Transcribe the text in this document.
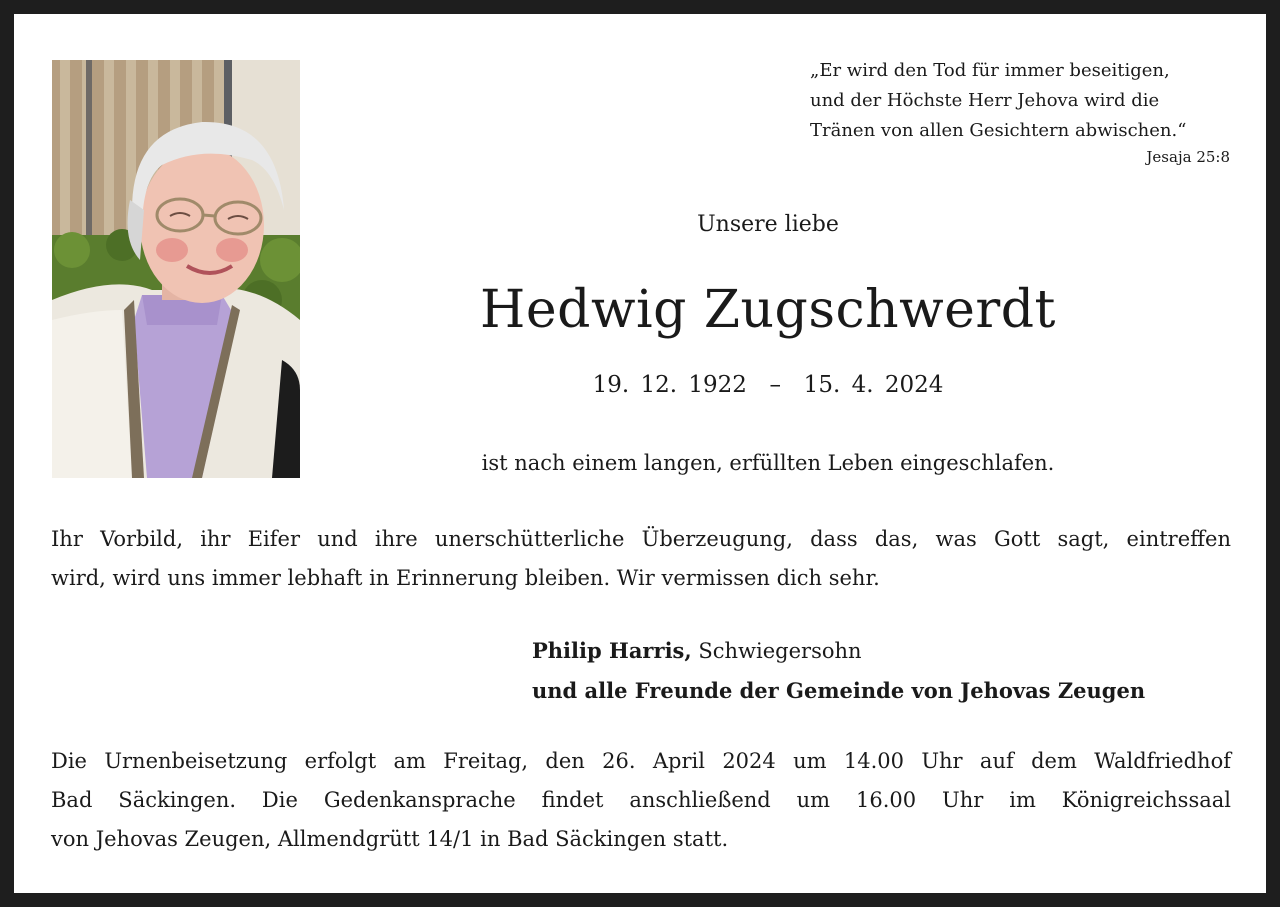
„Er wird den Tod für immer beseitigen,
und der Höchste Herr Jehova wird die
Tränen von allen Gesichtern abwischen.“
Jesaja 25:8
Unsere liebe
Hedwig Zugschwerdt
19. 12. 1922  –  15. 4. 2024
ist nach einem langen, erfüllten Leben eingeschlafen.
Ihr Vorbild, ihr Eifer und ihre unerschütterliche Überzeugung, dass das, was Gott sagt, eintreffen
wird, wird uns immer lebhaft in Erinnerung bleiben. Wir vermissen dich sehr.
Philip Harris, Schwiegersohn
und alle Freunde der Gemeinde von Jehovas Zeugen
Die Urnenbeisetzung erfolgt am Freitag, den 26. April 2024 um 14.00 Uhr auf dem Waldfriedhof
Bad Säckingen. Die Gedenkansprache findet anschließend um 16.00 Uhr im Königreichssaal
von Jehovas Zeugen, Allmendgrütt 14/1 in Bad Säckingen statt.
